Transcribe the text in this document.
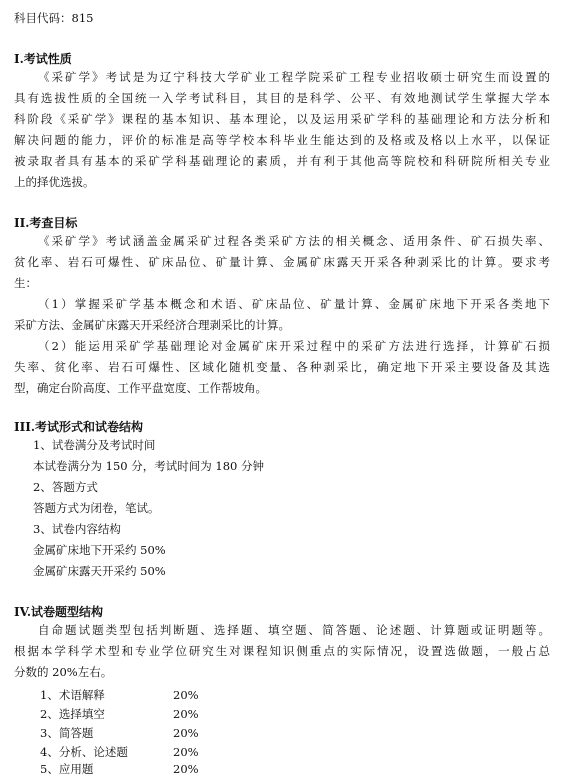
科目代码：815
I.考试性质
《采矿学》考试是为辽宁科技大学矿业工程学院采矿工程专业招收硕士研究生而设置的
具有选拔性质的全国统一入学考试科目，其目的是科学、公平、有效地测试学生掌握大学本
科阶段《采矿学》课程的基本知识、基本理论，以及运用采矿学科的基础理论和方法分析和
解决问题的能力，评价的标准是高等学校本科毕业生能达到的及格或及格以上水平，以保证
被录取者具有基本的采矿学科基础理论的素质，并有利于其他高等院校和科研院所相关专业
上的择优选拔。
II.考查目标
《采矿学》考试涵盖金属采矿过程各类采矿方法的相关概念、适用条件、矿石损失率、
贫化率、岩石可爆性、矿床品位、矿量计算、金属矿床露天开采各种剥采比的计算。要求考
生：
（1）掌握采矿学基本概念和术语、矿床品位、矿量计算、金属矿床地下开采各类地下
采矿方法、金属矿床露天开采经济合理剥采比的计算。
（2）能运用采矿学基础理论对金属矿床开采过程中的采矿方法进行选择，计算矿石损
失率、贫化率、岩石可爆性、区域化随机变量、各种剥采比，确定地下开采主要设备及其选
型，确定台阶高度、工作平盘宽度、工作帮坡角。
III.考试形式和试卷结构
1、试卷满分及考试时间
本试卷满分为 150 分，考试时间为 180 分钟
2、答题方式
答题方式为闭卷，笔试。
3、试卷内容结构
金属矿床地下开采约 50%
金属矿床露天开采约 50%
IV.试卷题型结构
自命题试题类型包括判断题、选择题、填空题、简答题、论述题、计算题或证明题等。
根据本学科学术型和专业学位研究生对课程知识侧重点的实际情况，设置选做题，一般占总
分数的 20%左右。
1、术语解释	20%
2、选择填空	20%
3、简答题	20%
4、分析、论述题	20%
5、应用题	20%
